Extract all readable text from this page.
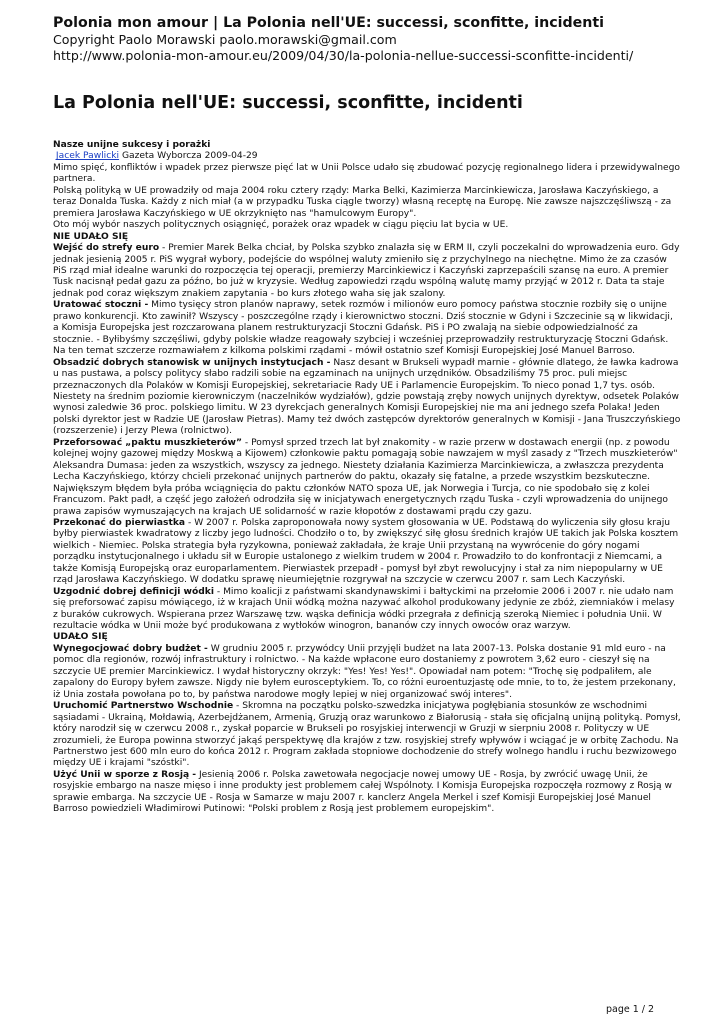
Polonia mon amour | La Polonia nell'UE: successi, sconfitte, incidenti
Copyright Paolo Morawski paolo.morawski@gmail.com
http://www.polonia-mon-amour.eu/2009/04/30/la-polonia-nellue-successi-sconfitte-incidenti/
La Polonia nell'UE: successi, sconfitte, incidenti

Nasze unijne sukcesy i porażki

Jacek Pawlicki Gazeta Wyborcza 2009-04-29

Mimo spięć, konfliktów i wpadek przez pierwsze pięć lat w Unii Polsce udało się zbudować pozycję regionalnego lidera i przewidywalnego partnera.

Polską polityką w UE prowadziły od maja 2004 roku cztery rządy: Marka Belki, Kazimierza Marcinkiewicza, Jarosława Kaczyńskiego, a teraz Donalda Tuska. Każdy z nich miał (a w przypadku Tuska ciągle tworzy) własną receptę na Europę. Nie zawsze najszczęśliwszą - za premiera Jarosława Kaczyńskiego w UE okrzyknięto nas "hamulcowym Europy".

Oto mój wybór naszych politycznych osiągnięć, porażek oraz wpadek w ciągu pięciu lat bycia w UE.

NIE UDAŁO SIĘ

Wejść do strefy euro - Premier Marek Belka chciał, by Polska szybko znalazła się w ERM II, czyli poczekalni do wprowadzenia euro. Gdy jednak jesienią 2005 r. PiS wygrał wybory, podejście do wspólnej waluty zmieniło się z przychylnego na niechętne. Mimo że za czasów PiS rząd miał idealne warunki do rozpoczęcia tej operacji, premierzy Marcinkiewicz i Kaczyński zaprzepaścili szansę na euro. A premier Tusk nacisnął pedał gazu za późno, bo już w kryzysie. Według zapowiedzi rządu wspólną walutę mamy przyjąć w 2012 r. Data ta staje jednak pod coraz większym znakiem zapytania - bo kurs złotego waha się jak szalony.

Uratować stoczni - Mimo tysięcy stron planów naprawy, setek rozmów i milionów euro pomocy państwa stocznie rozbiły się o unijne prawo konkurencji. Kto zawinił? Wszyscy - poszczególne rządy i kierownictwo stoczni. Dziś stocznie w Gdyni i Szczecinie są w likwidacji, a Komisja Europejska jest rozczarowana planem restrukturyzacji Stoczni Gdańsk. PiS i PO zwalają na siebie odpowiedzialność za stocznie. - Byłibyśmy szczęśliwi, gdyby polskie władze reagowały szybciej i wcześniej przeprowadziły restrukturyzację Stoczni Gdańsk. Na ten temat szczerze rozmawiałem z kilkoma polskimi rządami - mówił ostatnio szef Komisji Europejskiej José Manuel Barroso.

Obsadzić dobrych stanowisk w unijnych instytucjach - Nasz desant w Brukseli wypadł marnie - głównie dlatego, że ławka kadrowa u nas pustawa, a polscy politycy słabo radzili sobie na egzaminach na unijnych urzędników. Obsadziliśmy 75 proc. puli miejsc przeznaczonych dla Polaków w Komisji Europejskiej, sekretariacie Rady UE i Parlamencie Europejskim. To nieco ponad 1,7 tys. osób. Niestety na średnim poziomie kierowniczym (naczelników wydziałów), gdzie powstają zręby nowych unijnych dyrektyw, odsetek Polaków wynosi zaledwie 36 proc. polskiego limitu. W 23 dyrekcjach generalnych Komisji Europejskiej nie ma ani jednego szefa Polaka! Jeden polski dyrektor jest w Radzie UE (Jarosław Pietras). Mamy też dwóch zastępców dyrektorów generalnych w Komisji - Jana Truszczyńskiego (rozszerzenie) i Jerzy Plewa (rolnictwo).

Przeforsować „paktu muszkieterów” - Pomysł sprzed trzech lat był znakomity - w razie przerw w dostawach energii (np. z powodu kolejnej wojny gazowej między Moskwą a Kijowem) członkowie paktu pomagają sobie nawzajem w myśl zasady z "Trzech muszkieterów" Aleksandra Dumasa: jeden za wszystkich, wszyscy za jednego. Niestety działania Kazimierza Marcinkiewicza, a zwłaszcza prezydenta Lecha Kaczyńskiego, którzy chcieli przekonać unijnych partnerów do paktu, okazały się fatalne, a przede wszystkim bezskuteczne. Największym błędem była próba wciągnięcia do paktu członków NATO spoza UE, jak Norwegia i Turcja, co nie spodobało się z kolei Francuzom. Pakt padł, a część jego założeń odrodziła się w inicjatywach energetycznych rządu Tuska - czyli wprowadzenia do unijnego prawa zapisów wymuszających na krajach UE solidarność w razie kłopotów z dostawami prądu czy gazu.

Przekonać do pierwiastka - W 2007 r. Polska zaproponowała nowy system głosowania w UE. Podstawą do wyliczenia siły głosu kraju byłby pierwiastek kwadratowy z liczby jego ludności. Chodziło o to, by zwiększyć siłę głosu średnich krajów UE takich jak Polska kosztem wielkich - Niemiec. Polska strategia była ryzykowna, ponieważ zakładała, że kraje Unii przystaną na wywrócenie do góry nogami porządku instytucjonalnego i układu sił w Europie ustalonego z wielkim trudem w 2004 r. Prowadziło to do konfrontacji z Niemcami, a także Komisją Europejską oraz europarlamentem. Pierwiastek przepadł - pomysł był zbyt rewolucyjny i stał za nim niepopularny w UE rząd Jarosława Kaczyńskiego. W dodatku sprawę nieumiejętnie rozgrywał na szczycie w czerwcu 2007 r. sam Lech Kaczyński.

Uzgodnić dobrej definicji wódki - Mimo koalicji z państwami skandynawskimi i bałtyckimi na przełomie 2006 i 2007 r. nie udało nam się preforsować zapisu mówiącego, iż w krajach Unii wódką można nazywać alkohol produkowany jedynie ze zbóż, ziemniaków i melasy z buraków cukrowych. Wspierana przez Warszawę tzw. wąska definicja wódki przegrała z definicją szeroką Niemiec i południa Unii. W rezultacie wódka w Unii może być produkowana z wytłoków winogron, bananów czy innych owoców oraz warzyw.

UDAŁO SIĘ

Wynegocjować dobry budżet - W grudniu 2005 r. przywódcy Unii przyjęli budżet na lata 2007-13. Polska dostanie 91 mld euro - na pomoc dla regionów, rozwój infrastruktury i rolnictwo. - Na każde wpłacone euro dostaniemy z powrotem 3,62 euro - cieszył się na szczycie UE premier Marcinkiewicz. I wydał historyczny okrzyk: "Yes! Yes! Yes!". Opowiadał nam potem: "Trochę się podpaliłem, ale zapalony do Europy byłem zawsze. Nigdy nie byłem eurosceptykiem. To, co różni euroentuzjastę ode mnie, to to, że jestem przekonany, iż Unia została powołana po to, by państwa narodowe mogły lepiej w niej organizować swój interes".

Uruchomić Partnerstwo Wschodnie - Skromna na początku polsko-szwedzka inicjatywa pogłębiania stosunków ze wschodnimi sąsiadami - Ukrainą, Mołdawią, Azerbejdżanem, Armenią, Gruzją oraz warunkowo z Białorusią - stała się oficjalną unijną polityką. Pomysł, który narodził się w czerwcu 2008 r., zyskał poparcie w Brukseli po rosyjskiej interwencji w Gruzji w sierpniu 2008 r. Polityczy w UE zrozumieli, że Europa powinna stworzyć jakąś perspektywę dla krajów z tzw. rosyjskiej strefy wpływów i wciągać je w orbitę Zachodu. Na Partnerstwo jest 600 mln euro do końca 2012 r. Program zakłada stopniowe dochodzenie do strefy wolnego handlu i ruchu bezwizowego między UE i krajami "szóstki".

Użyć Unii w sporze z Rosją - Jesienią 2006 r. Polska zawetowała negocjacje nowej umowy UE - Rosja, by zwrócić uwagę Unii, że rosyjskie embargo na nasze mięso i inne produkty jest problemem całej Wspólnoty. I Komisja Europejska rozpoczęła rozmowy z Rosją w sprawie embarga. Na szczycie UE - Rosja w Samarze w maju 2007 r. kanclerz Angela Merkel i szef Komisji Europejskiej José Manuel Barroso powiedzieli Władimirowi Putinowi: "Polski problem z Rosją jest problemem europejskim".

page 1 / 2
